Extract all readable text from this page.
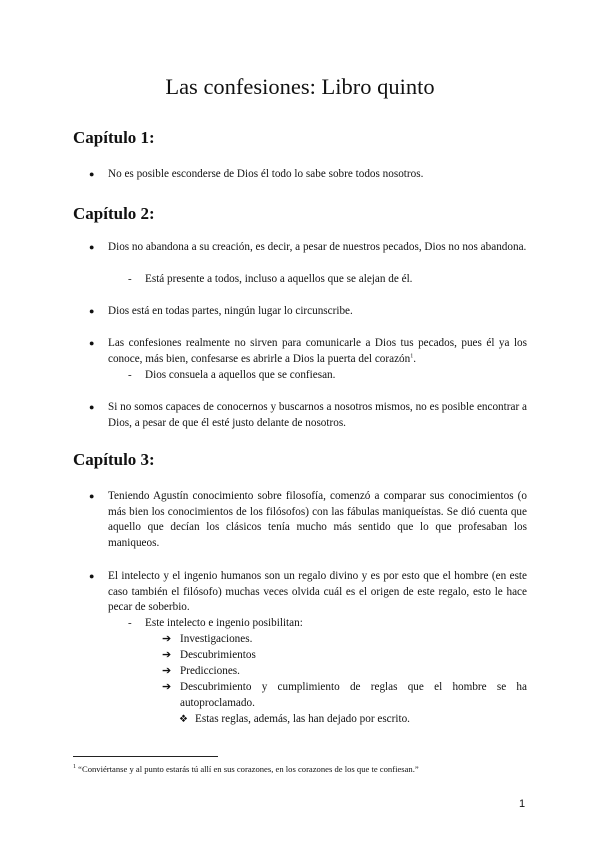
Las confesiones: Libro quinto
Capítulo 1:
● No es posible esconderse de Dios él todo lo sabe sobre todos nosotros.

Capítulo 2:
● Dios no abandona a su creación, es decir, a pesar de nuestros pecados, Dios no nos abandona.

- Está presente a todos, incluso a aquellos que se alejan de él.

● Dios está en todas partes, ningún lugar lo circunscribe.

● Las confesiones realmente no sirven para comunicarle a Dios tus pecados, pues él ya los conoce, más bien, confesarse es abrirle a Dios la puerta del corazón$^1$.

- Dios consuela a aquellos que se confiesan.

● Si no somos capaces de conocernos y buscarnos a nosotros mismos, no es posible encontrar a Dios, a pesar de que él esté justo delante de nosotros.

Capítulo 3:
● Teniendo Agustín conocimiento sobre filosofía, comenzó a comparar sus conocimientos (o más bien los conocimientos de los filósofos) con las fábulas maniqueístas. Se dió cuenta que aquello que decían los clásicos tenía mucho más sentido que lo que profesaban los maniqueos.

● El intelecto y el ingenio humanos son un regalo divino y es por esto que el hombre (en este caso también el filósofo) muchas veces olvida cuál es el origen de este regalo, esto le hace pecar de soberbio.

- Este intelecto e ingenio posibilitan:

➔ Investigaciones.

➔ Descubrimientos

➔ Predicciones.

➔ Descubrimiento y cumplimiento de reglas que el hombre se ha autoproclamado.

❖ Estas reglas, además, las han dejado por escrito.

$^1$ “Conviértanse y al punto estarás tú allí en sus corazones, en los corazones de los que te confiesan.”

1
